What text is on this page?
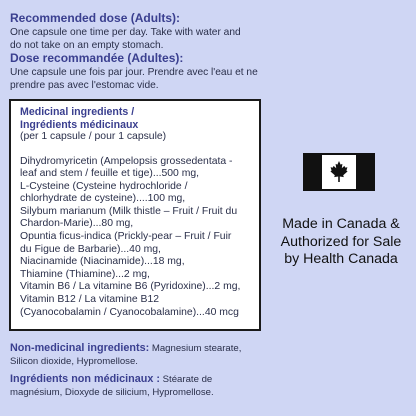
Recommended dose (Adults):
One capsule one time per day. Take with water and
do not take on an empty stomach.
Dose recommandée (Adultes):
Une capsule une fois par jour. Prendre avec l'eau et ne
prendre pas avec l'estomac vide.
Medicinal ingredients /
Ingrédients médicinaux
(per 1 capsule / pour 1 capsule)
Dihydromyricetin (Ampelopsis grossedentata -
leaf and stem / feuille et tige)...500 mg,
L-Cysteine (Cysteine hydrochloride /
chlorhydrate de cysteine)....100 mg,
Silybum marianum (Milk thistle – Fruit / Fruit du
Chardon-Marie)...80 mg,
Opuntia ficus-indica (Prickly-pear – Fruit / Fuir
du Figue de Barbarie)...40 mg,
Niacinamide (Niacinamide)...18 mg,
Thiamine (Thiamine)...2 mg,
Vitamin B6 / La vitamine B6 (Pyridoxine)...2 mg,
Vitamin B12 / La vitamine B12
(Cyanocobalamin / Cyanocobalamine)...40 mcg
Non-medicinal ingredients: Magnesium stearate,
Silicon dioxide, Hypromellose.
Ingrédients non médicinaux : Stéarate de
magnésium, Dioxyde de silicium, Hypromellose.
Made in Canada &
Authorized for Sale
by Health Canada
